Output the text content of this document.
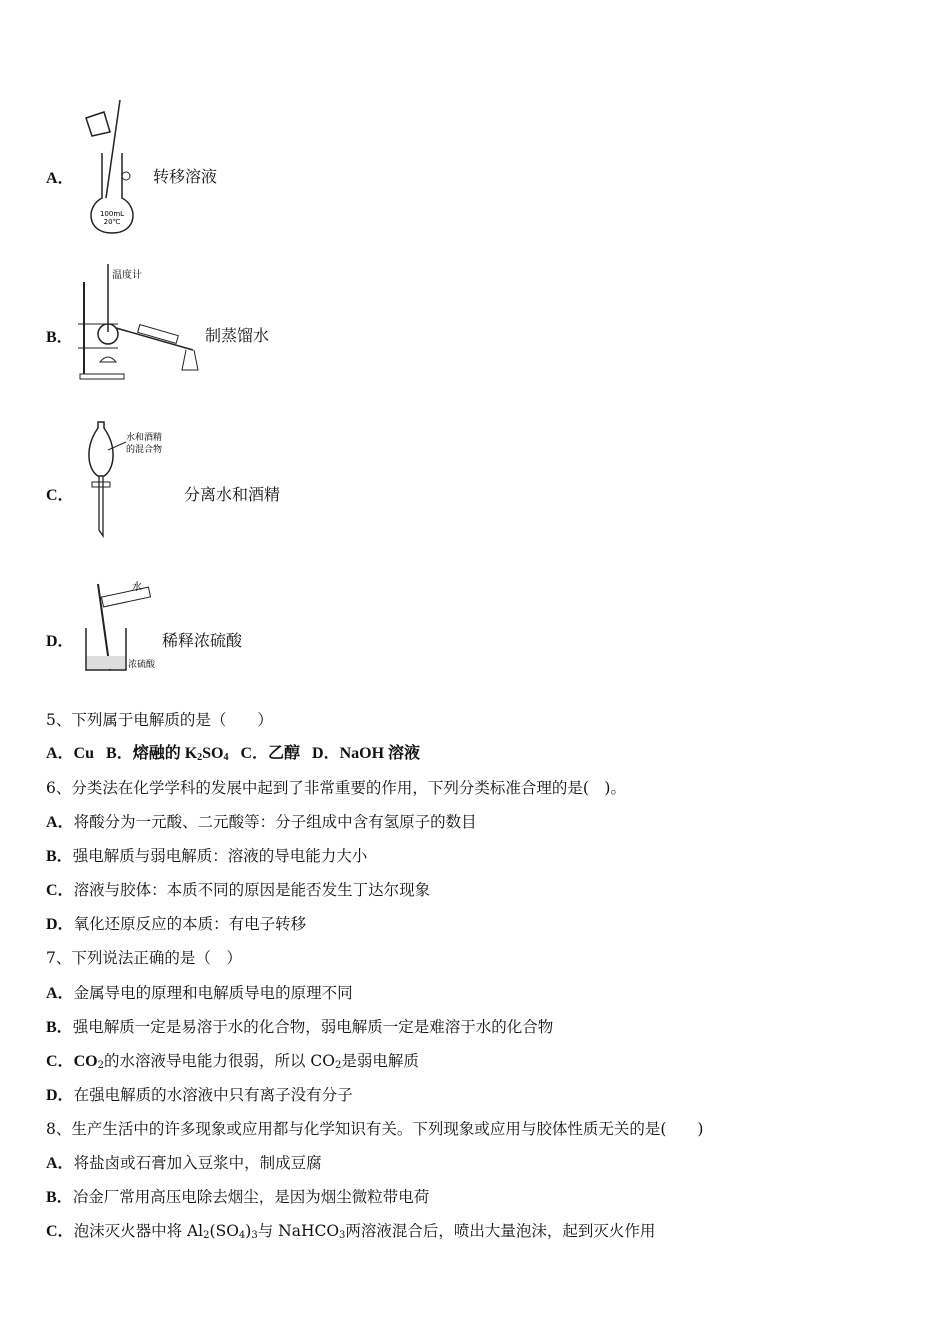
A．
100mL
20℃
转移溶液
B．
温度计
制蒸馏水
C．
水和酒精
的混合物
分离水和酒精
D．
水
浓硫酸
稀释浓硫酸
5、下列属于电解质的是（　　）
A．Cu B．熔融的 $K_2SO_4$ C．乙醇 D．NaOH 溶液
6、分类法在化学学科的发展中起到了非常重要的作用，下列分类标准合理的是(　)。
A．将酸分为一元酸、二元酸等：分子组成中含有氢原子的数目
B．强电解质与弱电解质：溶液的导电能力大小
C．溶液与胶体：本质不同的原因是能否发生丁达尔现象
D．氧化还原反应的本质：有电子转移
7、下列说法正确的是（　）
A．金属导电的原理和电解质导电的原理不同
B．强电解质一定是易溶于水的化合物，弱电解质一定是难溶于水的化合物
C．$CO_2$的水溶液导电能力很弱，所以 $CO_2$是弱电解质
D．在强电解质的水溶液中只有离子没有分子
8、生产生活中的许多现象或应用都与化学知识有关。下列现象或应用与胶体性质无关的是(　　)
A．将盐卤或石膏加入豆浆中，制成豆腐
B．冶金厂常用高压电除去烟尘，是因为烟尘微粒带电荷
C．泡沫灭火器中将 $Al_2(SO_4)_3$与 NaHCO$_3$两溶液混合后，喷出大量泡沫，起到灭火作用
